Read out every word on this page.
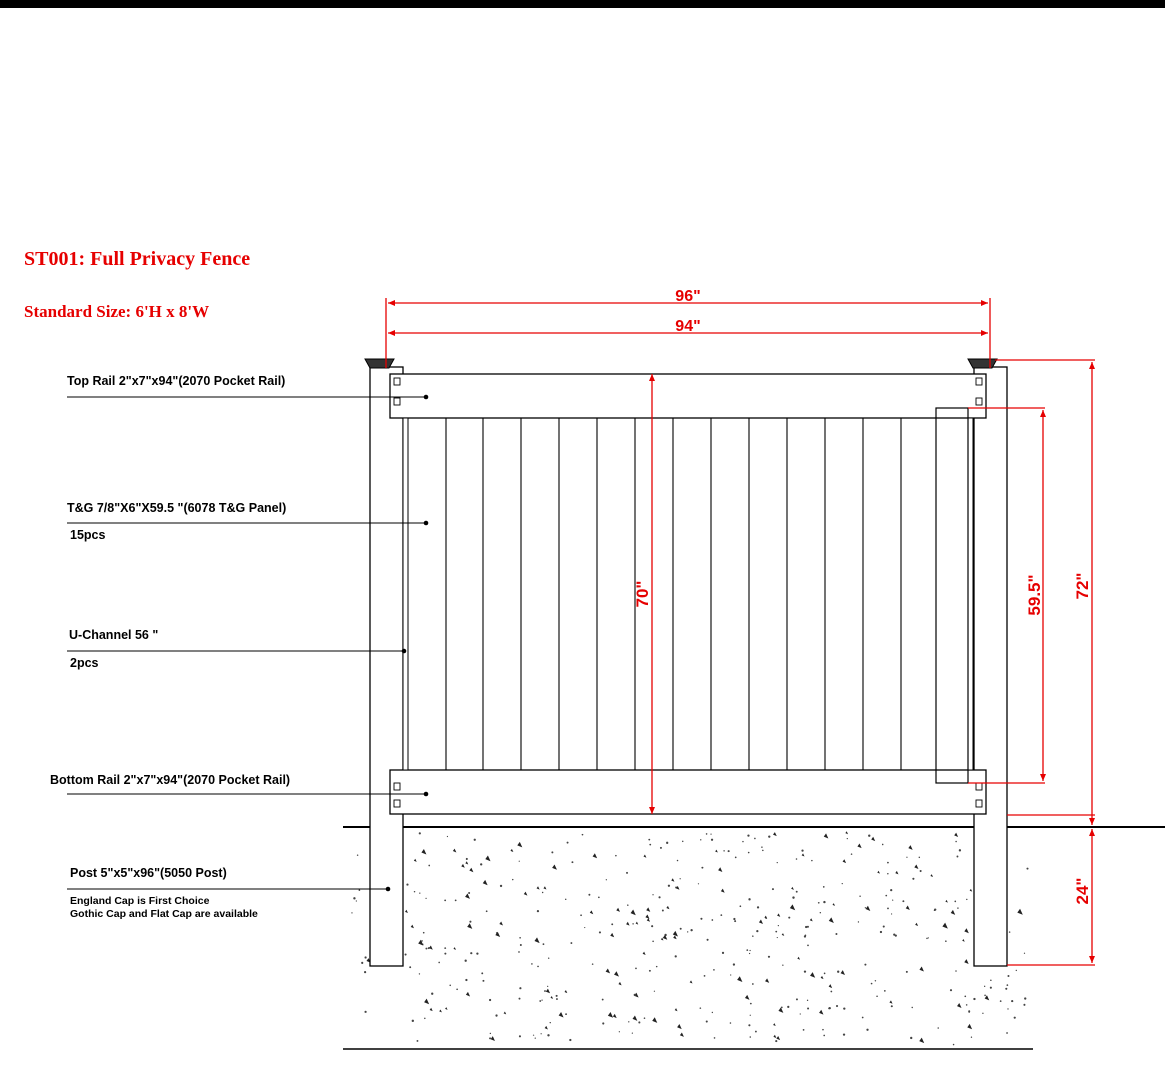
ST001: Full Privacy Fence
Standard Size: 6'H x 8'W
96"
94"
70"	59.5" 72"
24"
Top Rail 2"x7"x94"(2070 Pocket Rail)
T&G 7/8"X6"X59.5 "(6078 T&G Panel)
15pcs
U-Channel 56 "
2pcs
Bottom Rail 2"x7"x94"(2070 Pocket Rail)
Post 5"x5"x96"(5050 Post)
England Cap is First Choice
Gothic Cap and Flat Cap are available
